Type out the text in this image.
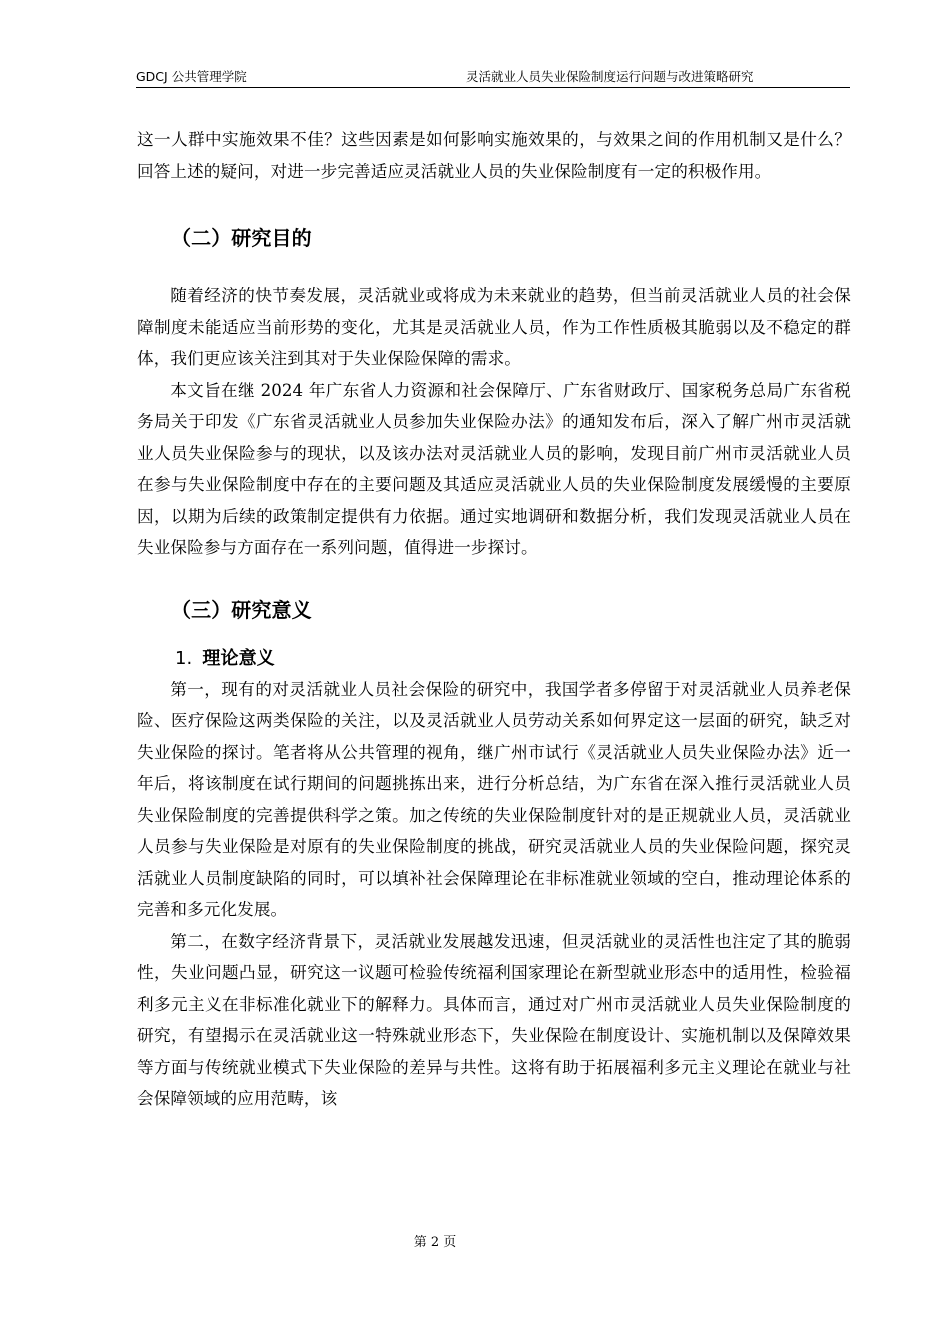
GDCJ 公共管理学院	灵活就业人员失业保险制度运行问题与改进策略研究

这一人群中实施效果不佳？这些因素是如何影响实施效果的，与效果之间的作用机制又是什么？回答上述的疑问，对进一步完善适应灵活就业人员的失业保险制度有一定的积极作用。

（二）研究目的

随着经济的快节奏发展，灵活就业或将成为未来就业的趋势，但当前灵活就业人员的社会保障制度未能适应当前形势的变化，尤其是灵活就业人员，作为工作性质极其脆弱以及不稳定的群体，我们更应该关注到其对于失业保险保障的需求。

本文旨在继 2024 年广东省人力资源和社会保障厅、广东省财政厅、国家税务总局广东省税务局关于印发《广东省灵活就业人员参加失业保险办法》的通知发布后，深入了解广州市灵活就业人员失业保险参与的现状，以及该办法对灵活就业人员的影响，发现目前广州市灵活就业人员在参与失业保险制度中存在的主要问题及其适应灵活就业人员的失业保险制度发展缓慢的主要原因，以期为后续的政策制定提供有力依据。通过实地调研和数据分析，我们发现灵活就业人员在失业保险参与方面存在一系列问题，值得进一步探讨。

（三）研究意义
1. 理论意义

第一，现有的对灵活就业人员社会保险的研究中，我国学者多停留于对灵活就业人员养老保险、医疗保险这两类保险的关注，以及灵活就业人员劳动关系如何界定这一层面的研究，缺乏对失业保险的探讨。笔者将从公共管理的视角，继广州市试行《灵活就业人员失业保险办法》近一年后，将该制度在试行期间的问题挑拣出来，进行分析总结，为广东省在深入推行灵活就业人员失业保险制度的完善提供科学之策。加之传统的失业保险制度针对的是正规就业人员，灵活就业人员参与失业保险是对原有的失业保险制度的挑战，研究灵活就业人员的失业保险问题，探究灵活就业人员制度缺陷的同时，可以填补社会保障理论在非标准就业领域的空白，推动理论体系的完善和多元化发展。

第二，在数字经济背景下，灵活就业发展越发迅速，但灵活就业的灵活性也注定了其的脆弱性，失业问题凸显，研究这一议题可检验传统福利国家理论在新型就业形态中的适用性，检验福利多元主义在非标准化就业下的解释力。具体而言，通过对广州市灵活就业人员失业保险制度的研究，有望揭示在灵活就业这一特殊就业形态下，失业保险在制度设计、实施机制以及保障效果等方面与传统就业模式下失业保险的差异与共性。这将有助于拓展福利多元主义理论在就业与社会保障领域的应用范畴，该

第 2 页
